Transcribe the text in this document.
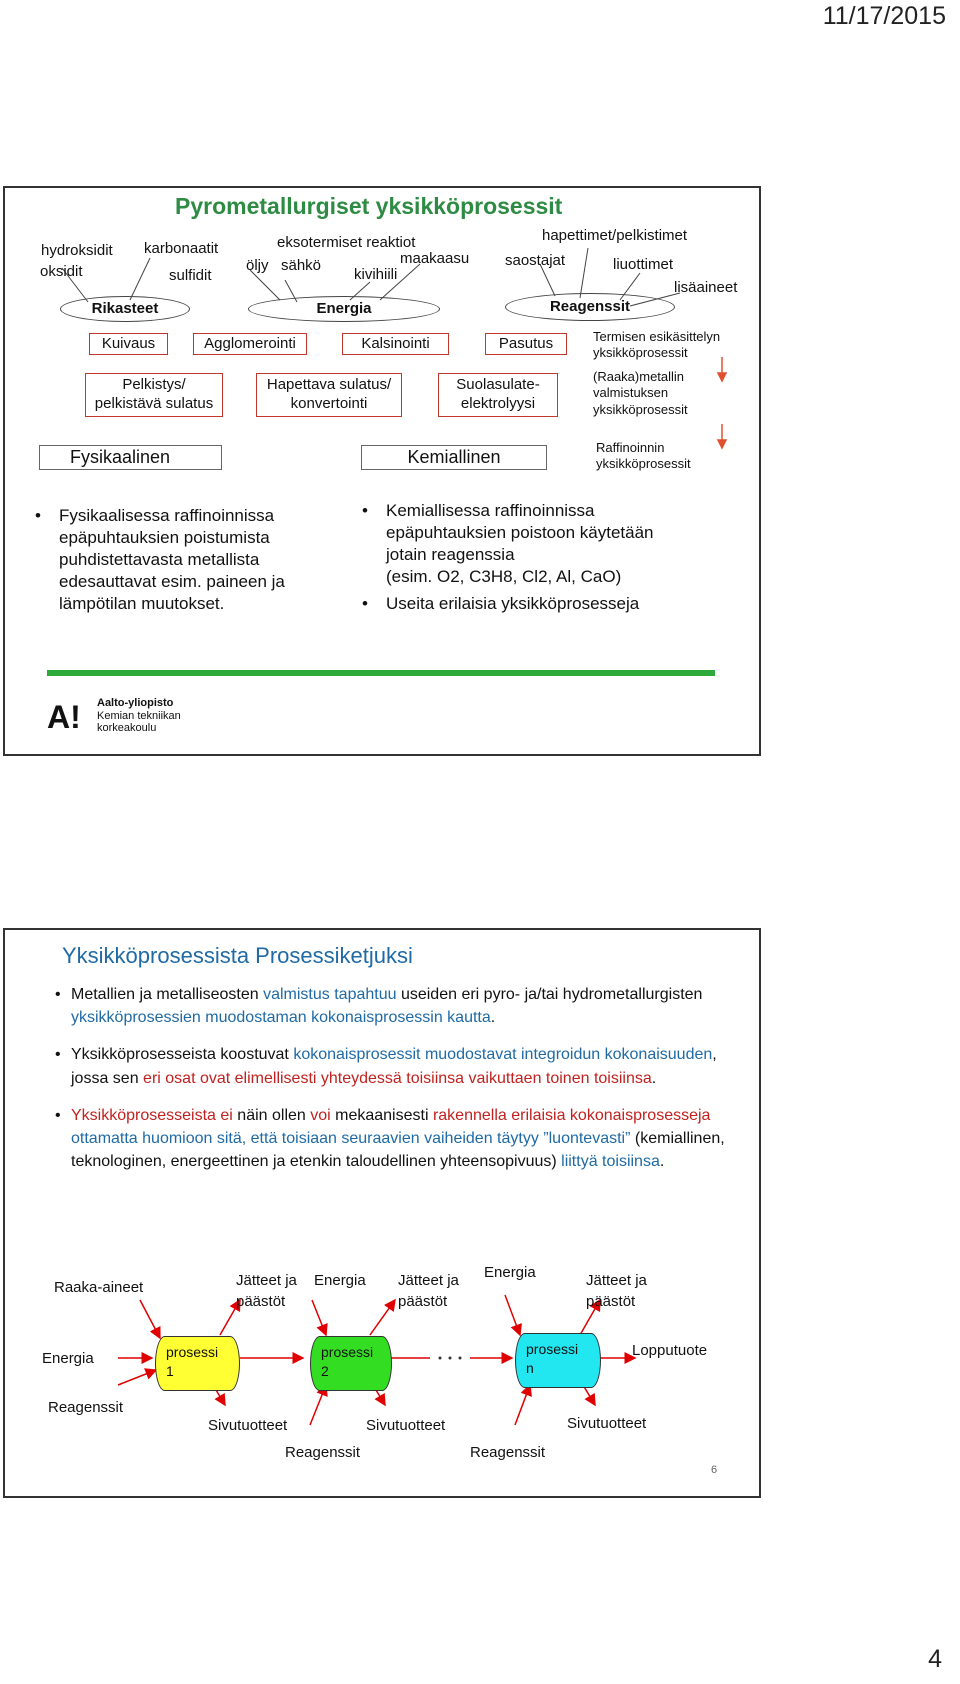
11/17/2015
Pyrometallurgiset yksikköprosessit
hydroksidit karbonaatit
oksidit	sulfidit
Rikasteet
eksotermiset reaktiot
öljy sähkö	maakaasu
kivihiili
Energia
hapettimet/pelkistimet
saostajat	liuottimet
lisäaineet
Reagenssit
Kuivaus	Agglomerointi	Kalsinointi	Pasutus
Pelkistys/
pelkistävä sulatus
Hapettava sulatus/
konvertointi
Suolasulate-
elektrolyysi
Fysikaalinen	Kemiallinen
Termisen esikäsittelyn
yksikköprosessit
(Raaka)metallin
valmistuksen
yksikköprosessit
Raffinoinnin
yksikköprosessit
• Fysikaalisessa raffinoinnissa epäpuhtauksien poistumista puhdistettavasta metallista edesauttavat esim. paineen ja lämpötilan muutokset.
• Kemiallisessa raffinoinnissa epäpuhtauksien poistoon käytetään jotain reagenssia
(esim. O2, C3H8, Cl2, Al, CaO)
• Useita erilaisia yksikköprosesseja
A! Aalto-yliopisto
Kemian tekniikan
korkeakoulu
Yksikköprosessista Prosessiketjuksi
• Metallien ja metalliseosten valmistus tapahtuu useiden eri pyro- ja/tai hydrometallurgisten yksikköprosessien muodostaman kokonaisprosessin kautta.
• Yksikköprosesseista koostuvat kokonaisprosessit muodostavat integroidun kokonaisuuden, jossa sen eri osat ovat elimellisesti yhteydessä toisiinsa vaikuttaen toinen toisiinsa.
• Yksikköprosesseista ei näin ollen voi mekaanisesti rakennella erilaisia kokonaisprosesseja ottamatta huomioon sitä, että toisiaan seuraavien vaiheiden täytyy ”luontevasti” (kemiallinen, teknologinen, energeettinen ja etenkin taloudellinen yhteensopivuus) liittyä toisiinsa.
prosessi
1
prosessi
2
prosessi
n
Raaka-aineet
Energia
Reagenssit
Jätteet ja päästöt
Energia Jätteet ja päästöt
Energia	Jätteet ja päästöt
Lopputuote
Sivutuotteet	Sivutuotteet	Sivutuotteet
Reagenssit	Reagenssit
6
4
